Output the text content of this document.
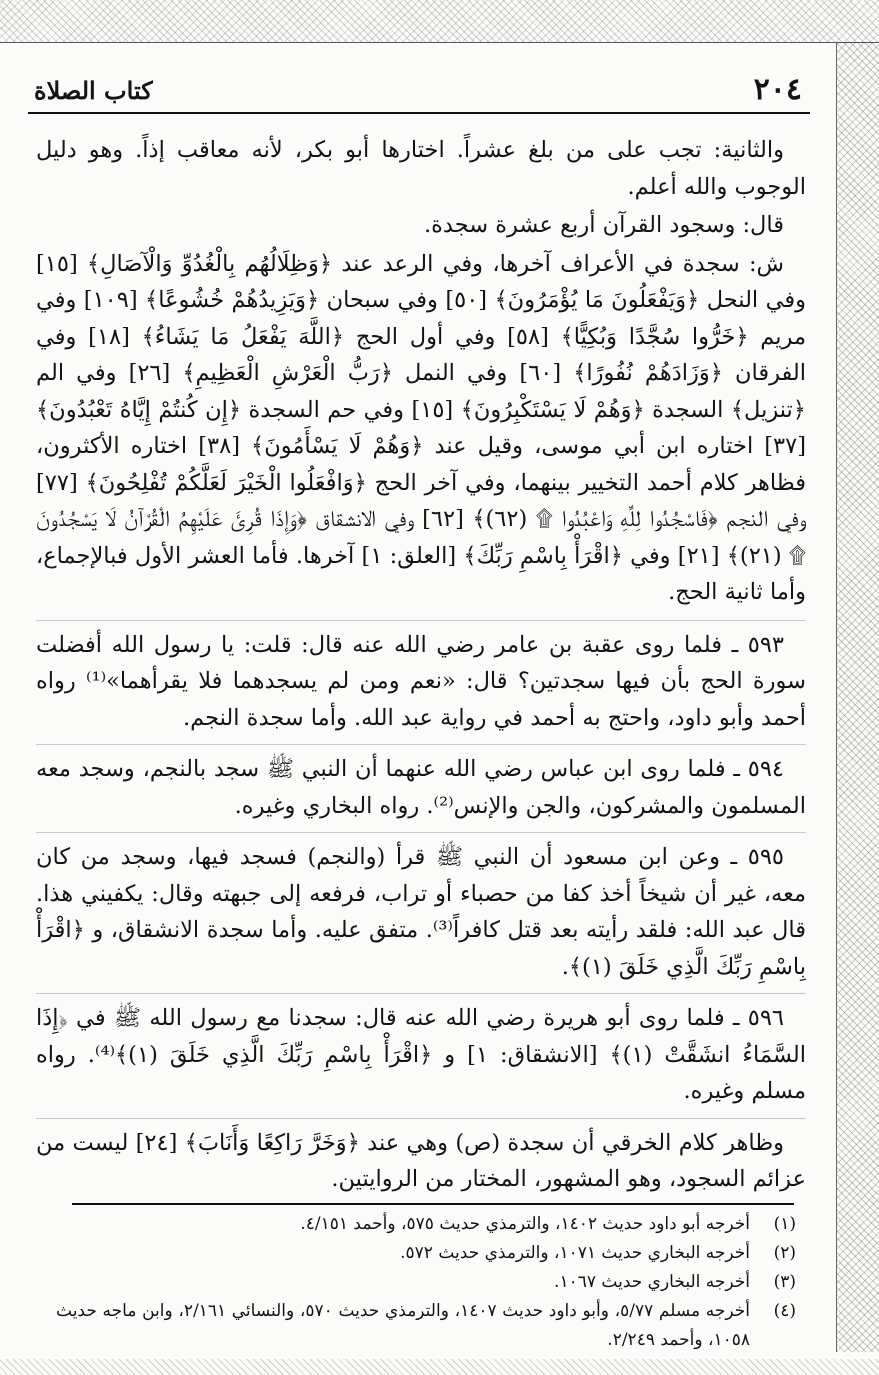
٢٠٤
كتاب الصلاة

والثانية: تجب على من بلغ عشراً. اختارها أبو بكر، لأنه معاقب إذاً. وهو دليل الوجوب والله أعلم.

قال: وسجود القرآن أربع عشرة سجدة.

ش: سجدة في الأعراف آخرها، وفي الرعد عند ﴿وَظِلَالُهُم بِالْغُدُوِّ وَالْآصَالِ﴾ [١٥] وفي النحل ﴿وَيَفْعَلُونَ مَا يُؤْمَرُونَ﴾ [٥٠] وفي سبحان ﴿وَيَزِيدُهُمْ خُشُوعًا﴾ [١٠٩] وفي مريم ﴿خَرُّوا سُجَّدًا وَبُكِيًّا﴾ [٥٨] وفي أول الحج ﴿اللَّهَ يَفْعَلُ مَا يَشَاءُ﴾ [١٨] وفي الفرقان ﴿وَزَادَهُمْ نُفُورًا﴾ [٦٠] وفي النمل ﴿رَبُّ الْعَرْشِ الْعَظِيمِ﴾ [٢٦] وفي الم ﴿تنزيل﴾ السجدة ﴿وَهُمْ لَا يَسْتَكْبِرُونَ﴾ [١٥] وفي حم السجدة ﴿إِن كُنتُمْ إِيَّاهُ تَعْبُدُونَ﴾ [٣٧] اختاره ابن أبي موسى، وقيل عند ﴿وَهُمْ لَا يَسْأَمُونَ﴾ [٣٨] اختاره الأكثرون، فظاهر كلام أحمد التخيير بينهما، وفي آخر الحج ﴿وَافْعَلُوا الْخَيْرَ لَعَلَّكُمْ تُفْلِحُونَ﴾ [٧٧] وفي النجم ﴿فَاسْجُدُوا لِلَّهِ وَاعْبُدُوا ۩ (٦٢)﴾ [٦٢] وفي الانشقاق ﴿وَإِذَا قُرِئَ عَلَيْهِمُ الْقُرْآنُ لَا يَسْجُدُونَ ۩ (٢١)﴾ [٢١] وفي ﴿اقْرَأْ بِاسْمِ رَبِّكَ﴾ [العلق: ١] آخرها. فأما العشر الأول فبالإجماع، وأما ثانية الحج.

٥٩٣ ـ فلما روى عقبة بن عامر رضي الله عنه قال: قلت: يا رسول الله أفضلت سورة الحج بأن فيها سجدتين؟ قال: «نعم ومن لم يسجدهما فلا يقرأهما»⁽¹⁾ رواه أحمد وأبو داود، واحتج به أحمد في رواية عبد الله. وأما سجدة النجم.

٥٩٤ ـ فلما روى ابن عباس رضي الله عنهما أن النبي ﷺ سجد بالنجم، وسجد معه المسلمون والمشركون، والجن والإنس⁽²⁾. رواه البخاري وغيره.

٥٩٥ ـ وعن ابن مسعود أن النبي ﷺ قرأ (والنجم) فسجد فيها، وسجد من كان معه، غير أن شيخاً أخذ كفا من حصباء أو تراب، فرفعه إلى جبهته وقال: يكفيني هذا. قال عبد الله: فلقد رأيته بعد قتل كافراً⁽³⁾. متفق عليه. وأما سجدة الانشقاق، و ﴿اقْرَأْ بِاسْمِ رَبِّكَ الَّذِي خَلَقَ (١)﴾.

٥٩٦ ـ فلما روى أبو هريرة رضي الله عنه قال: سجدنا مع رسول الله ﷺ في ﴿إِذَا السَّمَاءُ انشَقَّتْ (١)﴾ [الانشقاق: ١] و ﴿اقْرَأْ بِاسْمِ رَبِّكَ الَّذِي خَلَقَ (١)﴾⁽⁴⁾. رواه مسلم وغيره.

وظاهر كلام الخرقي أن سجدة (ص) وهي عند ﴿وَخَرَّ رَاكِعًا وَأَنَابَ﴾ [٢٤] ليست من عزائم السجود، وهو المشهور، المختار من الروايتين.

(١)
أخرجه أبو داود حديث ١٤٠٢، والترمذي حديث ٥٧٥، وأحمد ٤/١٥١.
(٢)
أخرجه البخاري حديث ١٠٧١، والترمذي حديث ٥٧٢.
(٣)
أخرجه البخاري حديث ١٠٦٧.
(٤)
أخرجه مسلم ٥/٧٧، وأبو داود حديث ١٤٠٧، والترمذي حديث ٥٧٠، والنسائي ٢/١٦١، وابن ماجه حديث ١٠٥٨، وأحمد ٢/٢٤٩.
